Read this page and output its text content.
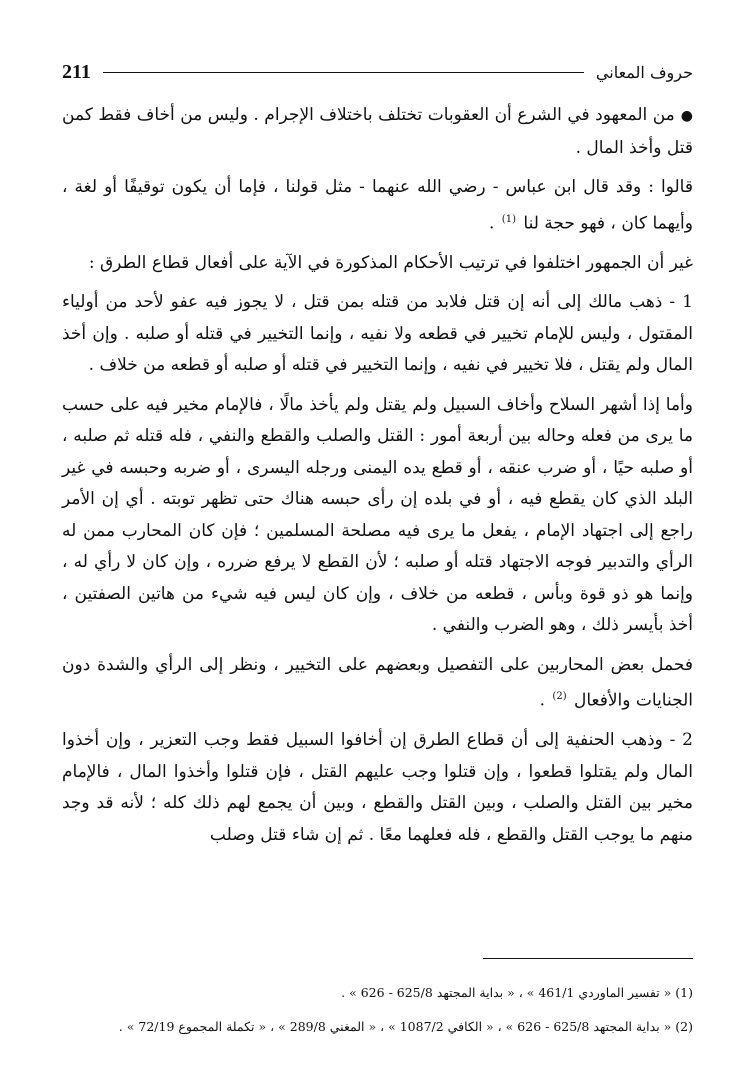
211	حروف المعاني

●من المعهود في الشرع أن العقوبات تختلف باختلاف الإجرام . وليس من أخاف فقط كمن قتل وأخذ المال .

قالوا : وقد قال ابن عباس - رضي الله عنهما - مثل قولنا ، فإما أن يكون توقيفًا أو لغة ، وأيهما كان ، فهو حجة لنا $^{(1)}$ .

غير أن الجمهور اختلفوا في ترتيب الأحكام المذكورة في الآية على أفعال قطاع الطرق :

1 - ذهب مالك إلى أنه إن قتل فلابد من قتله بمن قتل ، لا يجوز فيه عفو لأحد من أولياء المقتول ، وليس للإمام تخيير في قطعه ولا نفيه ، وإنما التخيير في قتله أو صلبه . وإن أخذ المال ولم يقتل ، فلا تخيير في نفيه ، وإنما التخيير في قتله أو صلبه أو قطعه من خلاف .

وأما إذا أشهر السلاح وأخاف السبيل ولم يقتل ولم يأخذ مالًا ، فالإمام مخير فيه على حسب ما يرى من فعله وحاله بين أربعة أمور : القتل والصلب والقطع والنفي ، فله قتله ثم صلبه ، أو صلبه حيًا ، أو ضرب عنقه ، أو قطع يده اليمنى ورجله اليسرى ، أو ضربه وحبسه في غير البلد الذي كان يقطع فيه ، أو في بلده إن رأى حبسه هناك حتى تظهر توبته . أي إن الأمر راجع إلى اجتهاد الإمام ، يفعل ما يرى فيه مصلحة المسلمين ؛ فإن كان المحارب ممن له الرأي والتدبير فوجه الاجتهاد قتله أو صلبه ؛ لأن القطع لا يرفع ضرره ، وإن كان لا رأي له ، وإنما هو ذو قوة وبأس ، قطعه من خلاف ، وإن كان ليس فيه شيء من هاتين الصفتين ، أخذ بأيسر ذلك ، وهو الضرب والنفي .

فحمل بعض المحاربين على التفصيل وبعضهم على التخيير ، ونظر إلى الرأي والشدة دون الجنايات والأفعال $^{(2)}$ .

2 - وذهب الحنفية إلى أن قطاع الطرق إن أخافوا السبيل فقط وجب التعزير ، وإن أخذوا المال ولم يقتلوا قطعوا ، وإن قتلوا وجب عليهم القتل ، فإن قتلوا وأخذوا المال ، فالإمام مخير بين القتل والصلب ، وبين القتل والقطع ، وبين أن يجمع لهم ذلك كله ؛ لأنه قد وجد منهم ما يوجب القتل والقطع ، فله فعلهما معًا . ثم إن شاء قتل وصلب

(1) « تفسير الماوردي 461/1 » ، « بداية المجتهد 625/8 - 626 » .

(2) « بداية المجتهد 625/8 - 626 » ، « الكافي 1087/2 » ، « المغني 289/8 » ، « تكملة المجموع 72/19 » .
